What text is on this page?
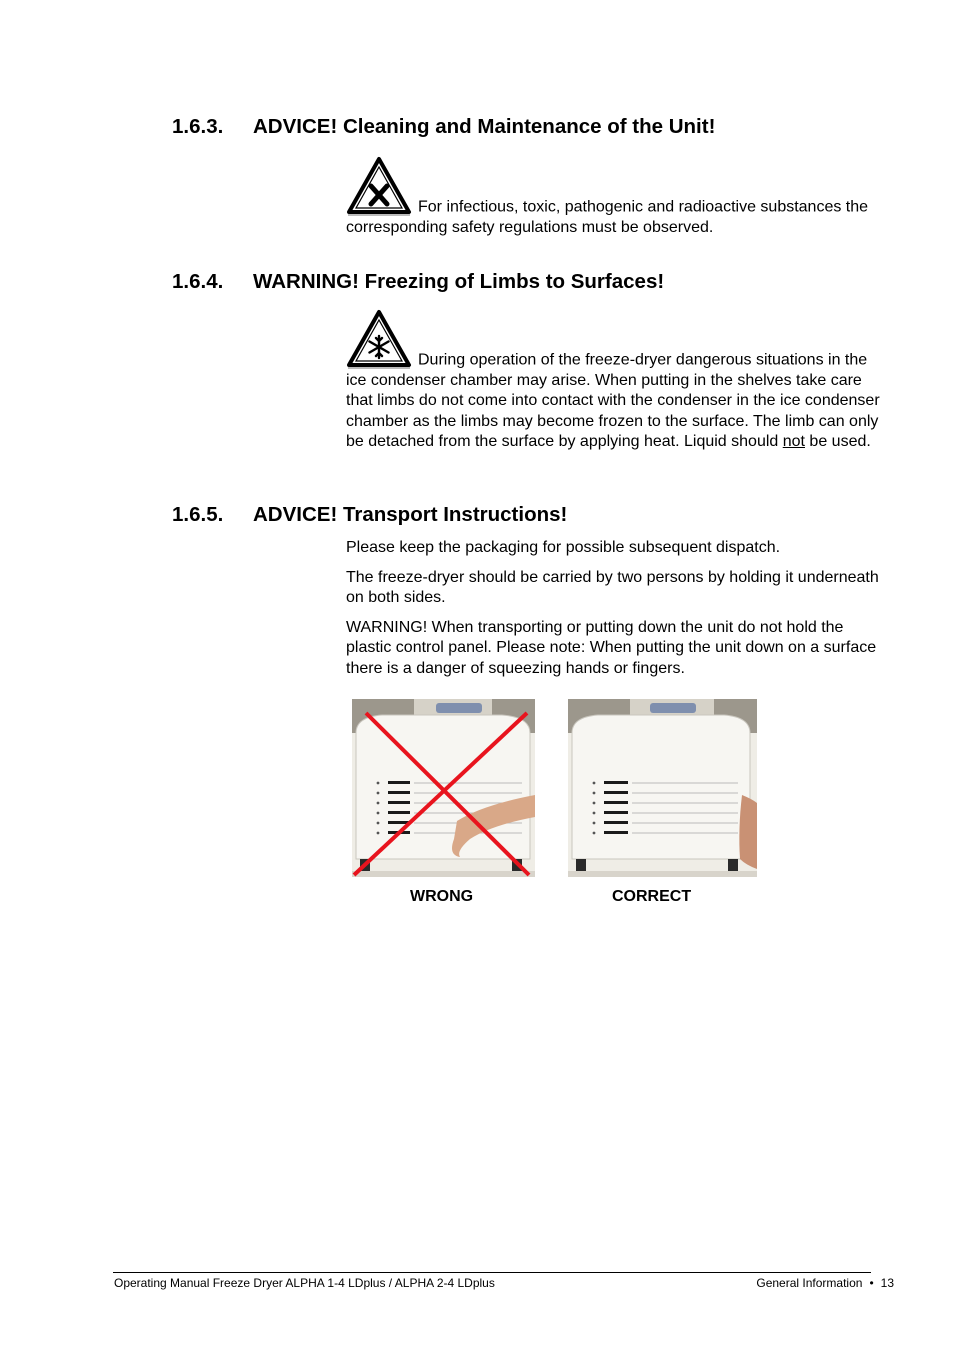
1.6.3. ADVICE! Cleaning and Maintenance of the Unit!
For infectious, toxic, pathogenic and radioactive substances the corresponding safety regulations must be observed.
1.6.4. WARNING! Freezing of Limbs to Surfaces!
During operation of the freeze-dryer dangerous situations in the ice condenser chamber may arise. When putting in the shelves take care that limbs do not come into contact with the condenser in the ice condenser chamber as the limbs may become frozen to the surface. The limb can only be detached from the surface by applying heat. Liquid should not be used.
1.6.5. ADVICE! Transport Instructions!
Please keep the packaging for possible subsequent dispatch.
The freeze-dryer should be carried by two persons by holding it underneath on both sides.
WARNING! When transporting or putting down the unit do not hold the plastic control panel. Please note: When putting the unit down on a surface there is a danger of squeezing hands or fingers.
WRONG	CORRECT
Operating Manual Freeze Dryer ALPHA 1-4 LDplus / ALPHA 2-4 LDplus	General Information • 13
